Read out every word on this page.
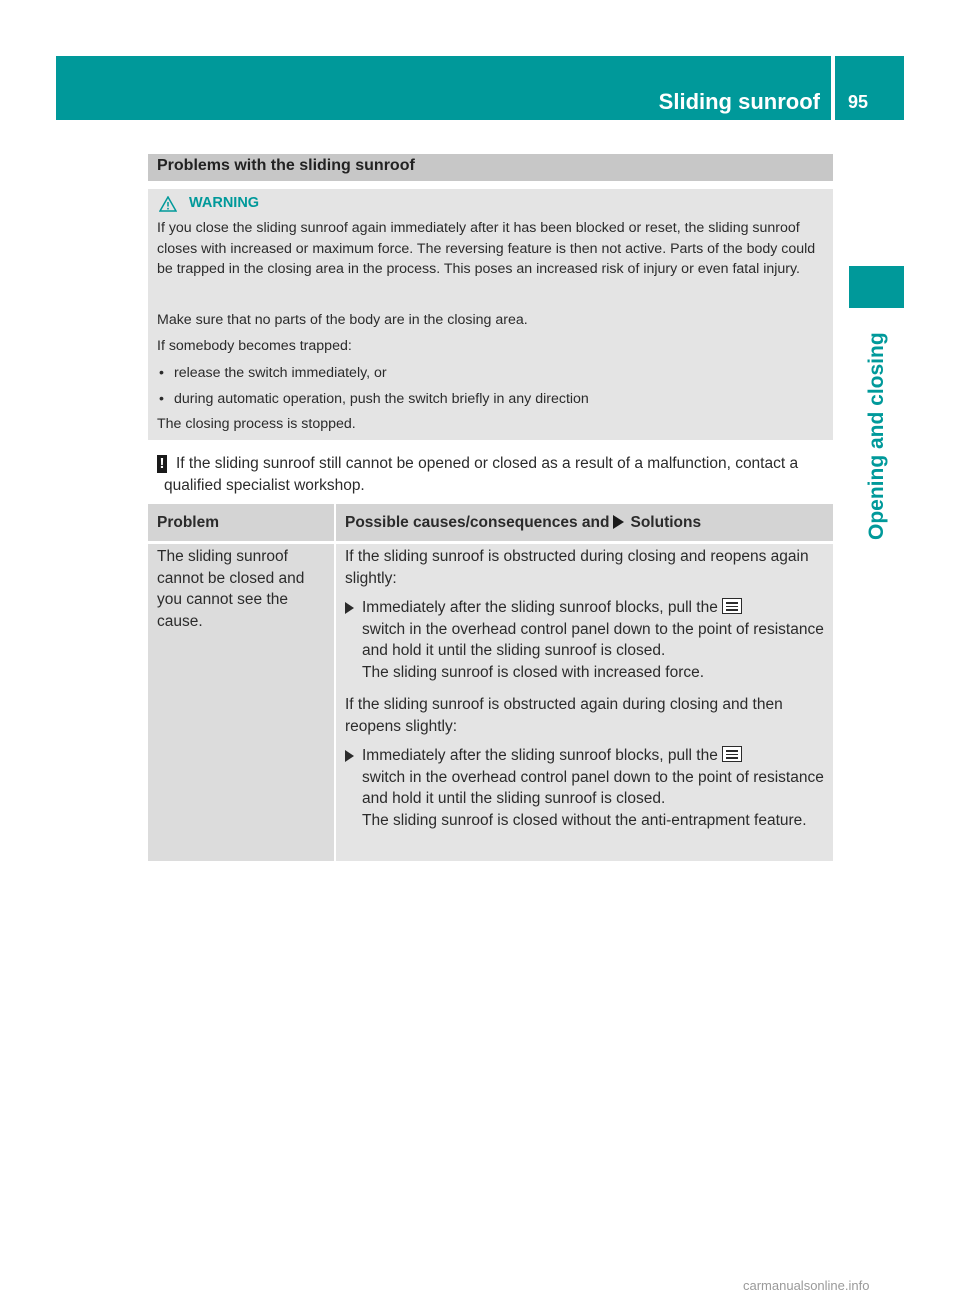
Sliding sunroof 95
Opening and closing
Problems with the sliding sunroof
WARNING
If you close the sliding sunroof again immediately after it has been blocked or reset, the sliding sunroof closes with increased or maximum force. The reversing feature is then not active. Parts of the body could be trapped in the closing area in the process. This poses an increased risk of injury or even fatal injury.
Make sure that no parts of the body are in the closing area.
If somebody becomes trapped:
• release the switch immediately, or
• during automatic operation, push the switch briefly in any direction
The closing process is stopped.
! If the sliding sunroof still cannot be opened or closed as a result of a malfunction, contact a qualified specialist workshop.
Problem	Possible causes/consequences and Solutions
The sliding sunroof cannot be closed and you cannot see the cause.
If the sliding sunroof is obstructed during closing and reopens again slightly:
Immediately after the sliding sunroof blocks, pull the

switch in the overhead control panel down to the point of resistance and hold it until the sliding sunroof is closed.
The sliding sunroof is closed with increased force.
If the sliding sunroof is obstructed again during closing and then reopens slightly:
Immediately after the sliding sunroof blocks, pull the

switch in the overhead control panel down to the point of resistance and hold it until the sliding sunroof is closed.
The sliding sunroof is closed without the anti-entrapment feature.
carmanualsonline.info
